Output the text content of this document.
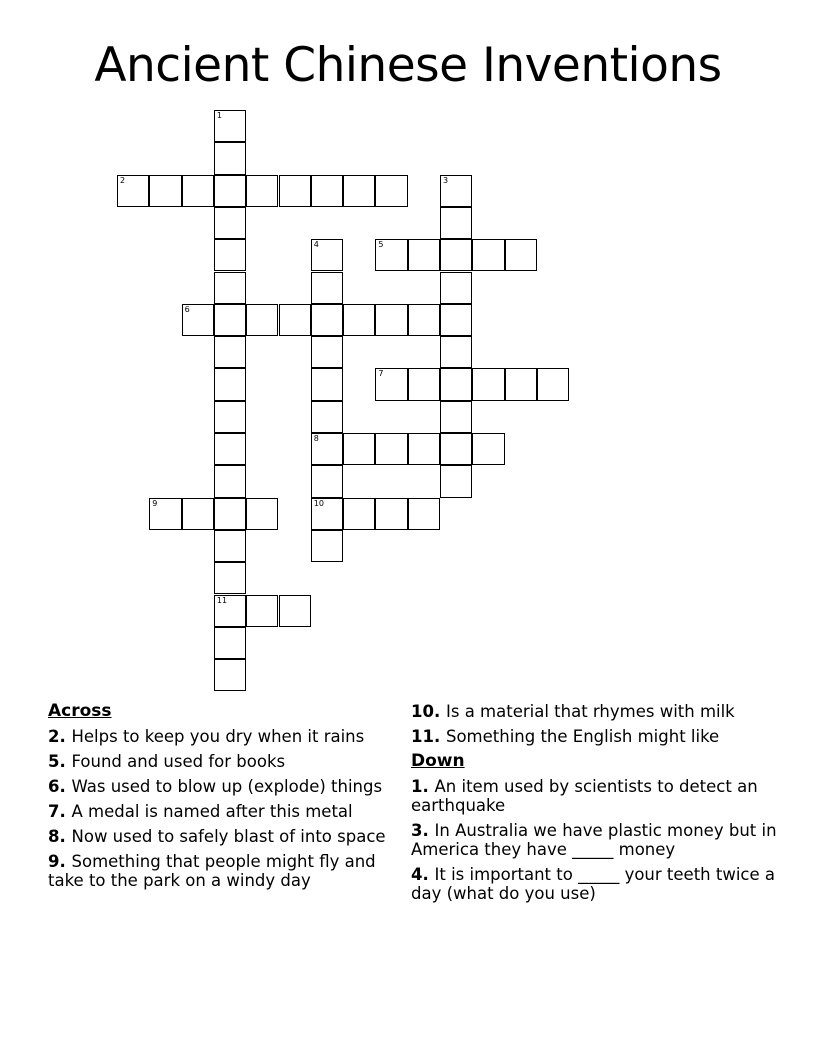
Ancient Chinese Inventions
1
11
2	3
4
8
10
5
6
7
9
Across
2. Helps to keep you dry when it rains
5. Found and used for books
6. Was used to blow up (explode) things
7. A medal is named after this metal
8. Now used to safely blast of into space
9. Something that people might fly and take to the park on a windy day
10. Is a material that rhymes with milk
11. Something the English might like
Down
1. An item used by scientists to detect an earthquake
3. In Australia we have plastic money but in America they have _____ money
4. It is important to _____ your teeth twice a day (what do you use)
